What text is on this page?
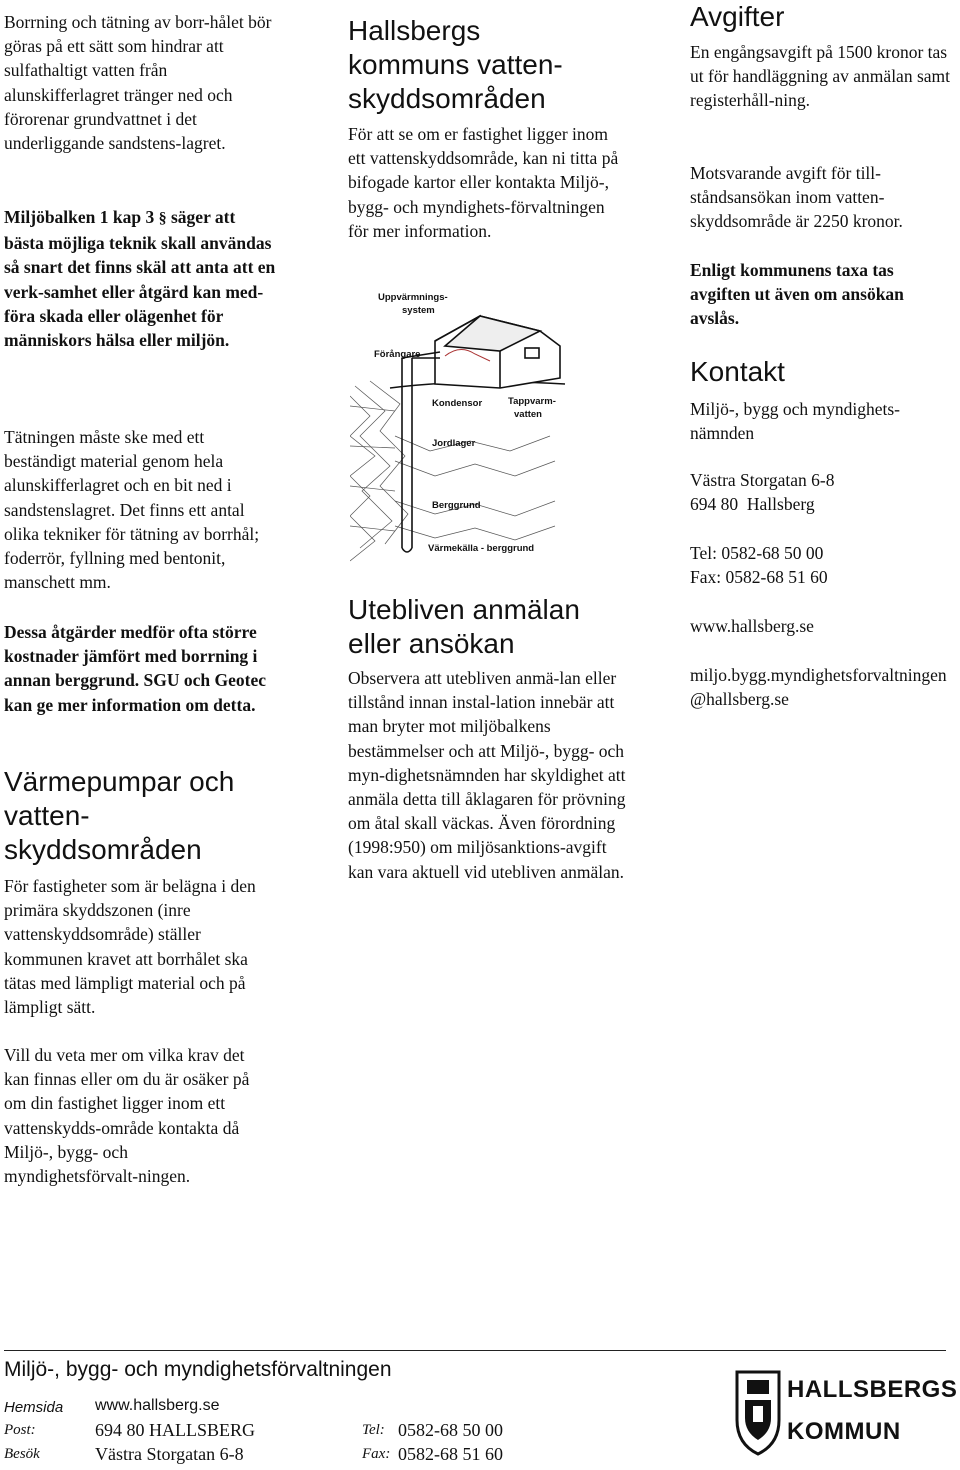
Borrning och tätning av borr-hålet bör göras på ett sätt som hindrar att sulfathaltigt vatten från alunskifferlagret tränger ned och förorenar grundvattnet i det underliggande sandstens-lagret.

Miljöbalken 1 kap 3 § säger att bästa möjliga teknik skall användas så snart det finns skäl att anta att en verk-samhet eller åtgärd kan med-föra skada eller olägenhet för människors hälsa eller miljön.

Tätningen måste ske med ett beständigt material genom hela alunskifferlagret och en bit ned i sandstenslagret. Det finns ett antal olika tekniker för tätning av borrhål; foderrör, fyllning med bentonit, manschett mm.

Dessa åtgärder medför ofta större kostnader jämfört med borrning i annan berggrund. SGU och Geotec kan ge mer information om detta.

Värmepumpar och vatten-skyddsområden

För fastigheter som är belägna i den primära skyddszonen (inre vattenskyddsområde) ställer kommunen kravet att borrhålet ska tätas med lämpligt material och på lämpligt sätt.

Vill du veta mer om vilka krav det kan finnas eller om du är osäker på om din fastighet ligger inom ett vattenskydds-område kontakta då Miljö-, bygg- och myndighetsförvalt-ningen.

Hallsbergs kommuns vatten-skyddsområden

För att se om er fastighet ligger inom ett vattenskyddsområde, kan ni titta på bifogade kartor eller kontakta Miljö-, bygg- och myndighets-förvaltningen för mer information.

Utebliven anmälan eller ansökan

Observera att utebliven anmä-lan eller tillstånd innan instal-lation innebär att man bryter mot miljöbalkens bestämmelser och att Miljö-, bygg- och myn-dighetsnämnden har skyldighet att anmäla detta till åklagaren för prövning om åtal skall väckas. Även förordning (1998:950) om miljösanktions-avgift kan vara aktuell vid utebliven anmälan.

Uppvärmnings-
system
Förångare
Kondensor	Tappvarm-
vatten
Jordlager
Berggrund
Värmekälla - berggrund
Avgifter

En engångsavgift på 1500 kronor tas ut för handläggning av anmälan samt registerhåll-ning.

Motsvarande avgift för till-ståndsansökan inom vatten-skyddsområde är 2250 kronor.

Enligt kommunens taxa tas avgiften ut även om ansökan avslås.

Kontakt

Miljö-, bygg och myndighets-nämnden

Västra Storgatan 6-8

694 80  Hallsberg

Tel: 0582-68 50 00

Fax: 0582-68 51 60

www.hallsberg.se

miljo.bygg.myndighetsforvaltningen@hallsberg.se

Miljö-, bygg- och myndighetsförvaltningen
Hemsida www.hallsberg.se
Post:	694 80 HALLSBERG	Tel: 0582-68 50 00
Besök	Västra Storgatan 6-8	Fax: 0582-68 51 60
HALLSBERGS
KOMMUN
